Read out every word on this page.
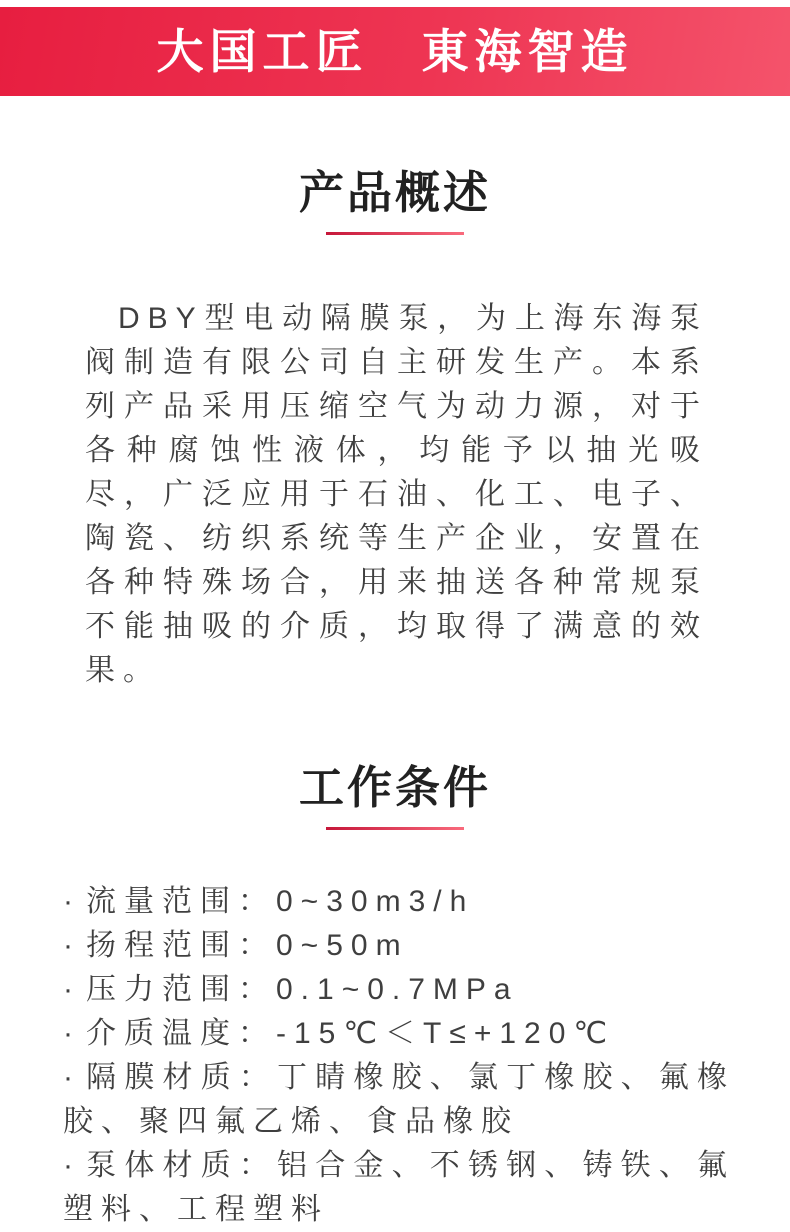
大国工匠　東海智造
产品概述

DBY型电动隔膜泵，为上海东海泵阀制造有限公司自主研发生产。本系列产品采用压缩空气为动力源，对于各种腐蚀性液体，均能予以抽光吸尽，广泛应用于石油、化工、电子、陶瓷、纺织系统等生产企业，安置在各种特殊场合，用来抽送各种常规泵不能抽吸的介质，均取得了满意的效果。

工作条件
· 流量范围：0~30m3/h
· 扬程范围：0~50m
· 压力范围：0.1~0.7MPa
· 介质温度：-15℃＜T≤+120℃
· 隔膜材质：丁睛橡胶、氯丁橡胶、氟橡胶、聚四氟乙烯、食品橡胶
· 泵体材质：铝合金、不锈钢、铸铁、氟塑料、工程塑料
